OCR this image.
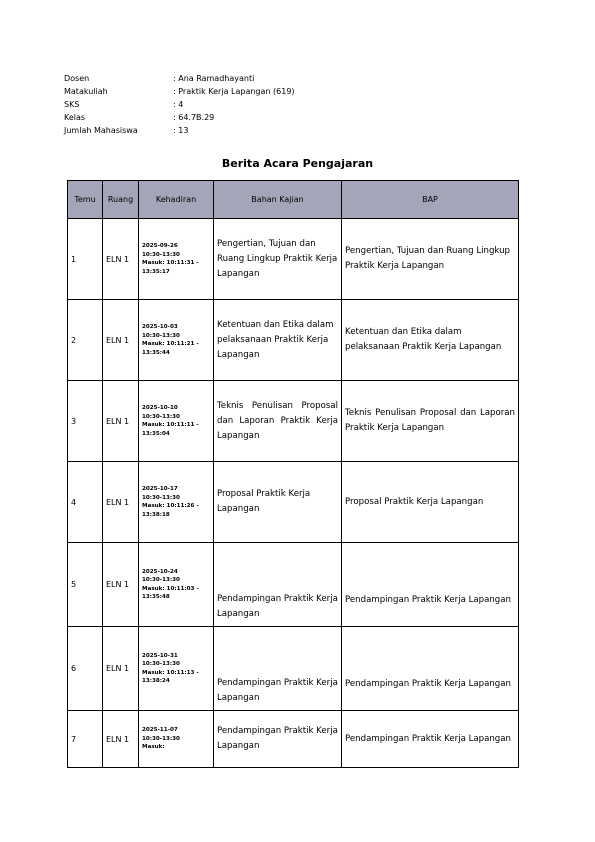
Dosen	: Ana Ramadhayanti
Matakuliah	: Praktik Kerja Lapangan (619)
SKS	: 4
Kelas	: 64.7B.29
Jumlah Mahasiswa	: 13
Berita Acara Pengajaran
Temu	Ruang	Kehadiran	Bahan Kajian	BAP
1	ELN 1	2025-09-26
10:30-13:30
Masuk: 10:11:31 -
13:35:17	Pengertian, Tujuan dan Ruang Lingkup Praktik Kerja Lapangan	Pengertian, Tujuan dan Ruang Lingkup Praktik Kerja Lapangan
2	ELN 1	2025-10-03
10:30-13:30
Masuk: 10:11:21 -
13:35:44	Ketentuan dan Etika dalam pelaksanaan Praktik Kerja Lapangan	Ketentuan dan Etika dalam pelaksanaan Praktik Kerja Lapangan
3	ELN 1	2025-10-10
10:30-13:30
Masuk: 10:11:11 -
13:35:04	Teknis Penulisan Proposal dan Laporan Praktik Kerja Lapangan	Teknis Penulisan Proposal dan Laporan Praktik Kerja Lapangan
4	ELN 1	2025-10-17
10:30-13:30
Masuk: 10:11:26 -
13:38:18	Proposal Praktik Kerja Lapangan	Proposal Praktik Kerja Lapangan
5	ELN 1	2025-10-24
10:30-13:30
Masuk: 10:11:03 -
13:35:48	Pendampingan Praktik Kerja Lapangan	Pendampingan Praktik Kerja Lapangan
6	ELN 1	2025-10-31
10:30-13:30
Masuk: 10:11:13 -
13:38:24	Pendampingan Praktik Kerja Lapangan	Pendampingan Praktik Kerja Lapangan
7	ELN 1	2025-11-07
10:30-13:30
Masuk:	Pendampingan Praktik Kerja Lapangan	Pendampingan Praktik Kerja Lapangan
